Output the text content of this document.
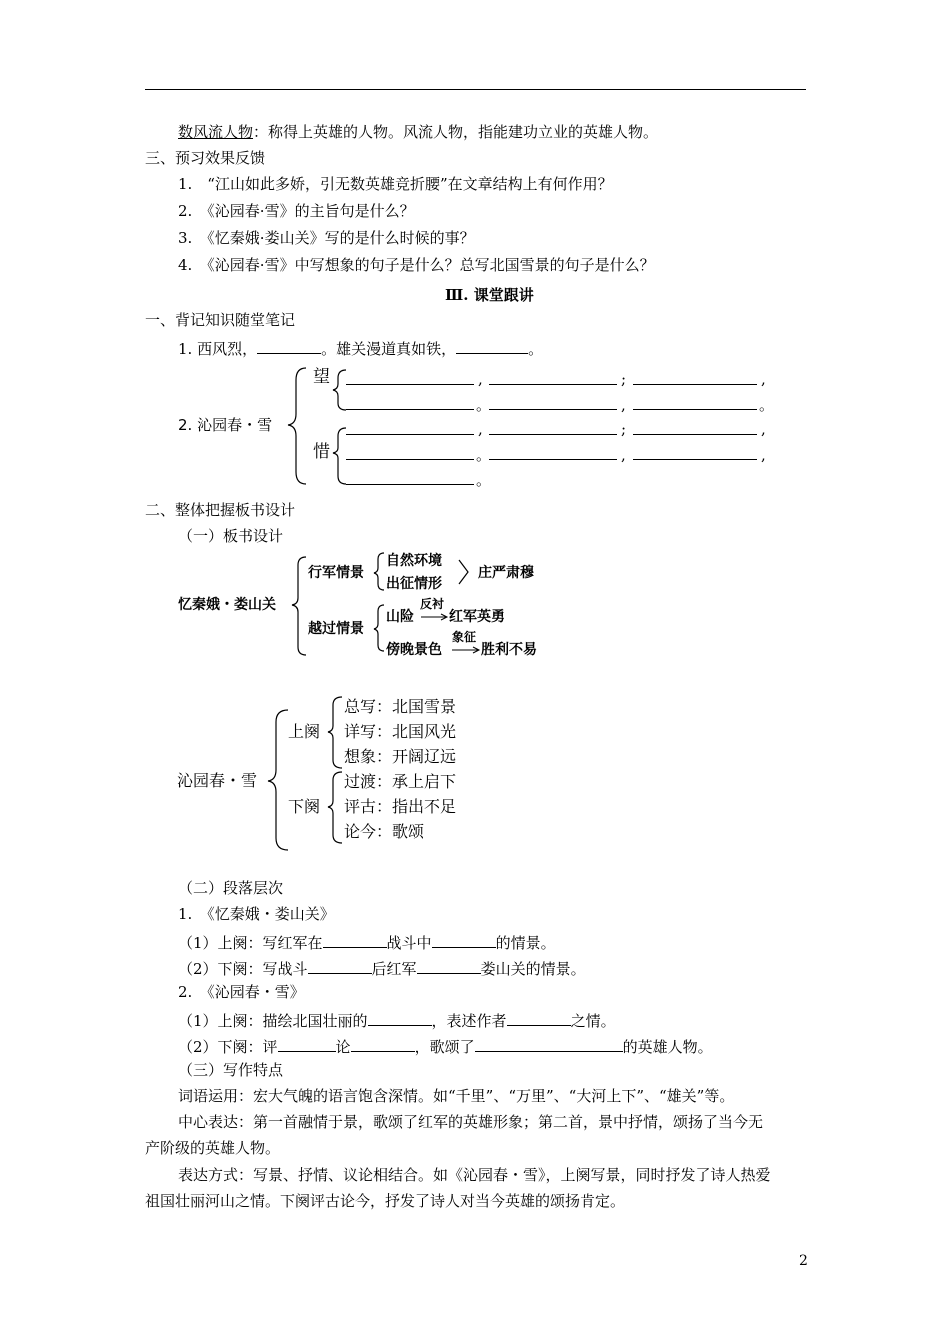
数风流人物：称得上英雄的人物。风流人物，指能建功立业的英雄人物。
三、预习效果反馈
1.　“江山如此多娇，引无数英雄竞折腰”在文章结构上有何作用？
2.　《沁园春·雪》的主旨句是什么？
3.　《忆秦娥·娄山关》写的是什么时候的事？
4.　《沁园春·雪》中写想象的句子是什么？总写北国雪景的句子是什么？
Ⅲ. 课堂跟讲
一、背记知识随堂笔记
1. 西风烈，	。雄关漫道真如铁，	。
2. 沁园春・雪
望
惜
,	;	,
。	,	。
,	;	,
。	,	,
。
二、整体把握板书设计
（一）板书设计
忆秦娥・娄山关
行军情景
自然环境
出征情形
庄严肃穆
越过情景
山险
反衬
红军英勇
傍晚景色
象征
胜利不易
沁园春・雪
上阕
下阕
总写：北国雪景
详写：北国风光
想象：开阔辽远
过渡：承上启下
评古：指出不足
论今：歌颂
（二）段落层次
1.　《忆秦娥・娄山关》
（1）上阕：写红军在	战斗中	的情景。
（2）下阕：写战斗	后红军	娄山关的情景。
2.　《沁园春・雪》
（1）上阕：描绘北国壮丽的	，表述作者	之情。
（2）下阕：评	论	，歌颂了	的英雄人物。
（三）写作特点
词语运用：宏大气魄的语言饱含深情。如“千里”、“万里”、“大河上下”、“雄关”等。
中心表达：第一首融情于景，歌颂了红军的英雄形象；第二首，景中抒情，颂扬了当今无
产阶级的英雄人物。
表达方式：写景、抒情、议论相结合。如《沁园春・雪》，上阕写景，同时抒发了诗人热爱
祖国壮丽河山之情。下阕评古论今，抒发了诗人对当今英雄的颂扬肯定。
2
